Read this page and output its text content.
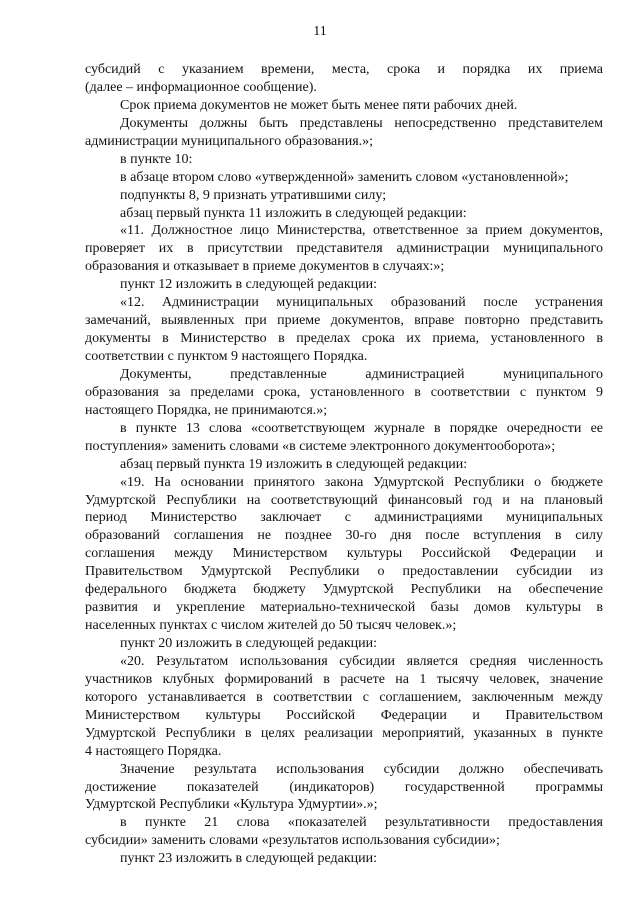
11
субсидий с указанием времени, места, срока и порядка их приема
(далее – информационное сообщение).
Срок приема документов не может быть менее пяти рабочих дней.
Документы должны быть представлены непосредственно представителем
администрации муниципального образования.»;
в пункте 10:
в абзаце втором слово «утвержденной» заменить словом «установленной»;
подпункты 8, 9 признать утратившими силу;
абзац первый пункта 11 изложить в следующей редакции:
«11. Должностное лицо Министерства, ответственное за прием документов,
проверяет их в присутствии представителя администрации муниципального
образования и отказывает в приеме документов в случаях:»;
пункт 12 изложить в следующей редакции:
«12. Администрации муниципальных образований после устранения
замечаний, выявленных при приеме документов, вправе повторно представить
документы в Министерство в пределах срока их приема, установленного в
соответствии с пунктом 9 настоящего Порядка.
Документы, представленные администрацией муниципального
образования за пределами срока, установленного в соответствии с пунктом 9
настоящего Порядка, не принимаются.»;
в пункте 13 слова «соответствующем журнале в порядке очередности ее
поступления» заменить словами «в системе электронного документооборота»;
абзац первый пункта 19 изложить в следующей редакции:
«19. На основании принятого закона Удмуртской Республики о бюджете
Удмуртской Республики на соответствующий финансовый год и на плановый
период Министерство заключает с администрациями муниципальных
образований соглашения не позднее 30-го дня после вступления в силу
соглашения между Министерством культуры Российской Федерации и
Правительством Удмуртской Республики о предоставлении субсидии из
федерального бюджета бюджету Удмуртской Республики на обеспечение
развития и укрепление материально-технической базы домов культуры в
населенных пунктах с числом жителей до 50 тысяч человек.»;
пункт 20 изложить в следующей редакции:
«20. Результатом использования субсидии является средняя численность
участников клубных формирований в расчете на 1 тысячу человек, значение
которого устанавливается в соответствии с соглашением, заключенным между
Министерством культуры Российской Федерации и Правительством
Удмуртской Республики в целях реализации мероприятий, указанных в пункте
4 настоящего Порядка.
Значение результата использования субсидии должно обеспечивать
достижение показателей (индикаторов) государственной программы
Удмуртской Республики «Культура Удмуртии».»;
в пункте 21 слова «показателей результативности предоставления
субсидии» заменить словами «результатов использования субсидии»;
пункт 23 изложить в следующей редакции:
